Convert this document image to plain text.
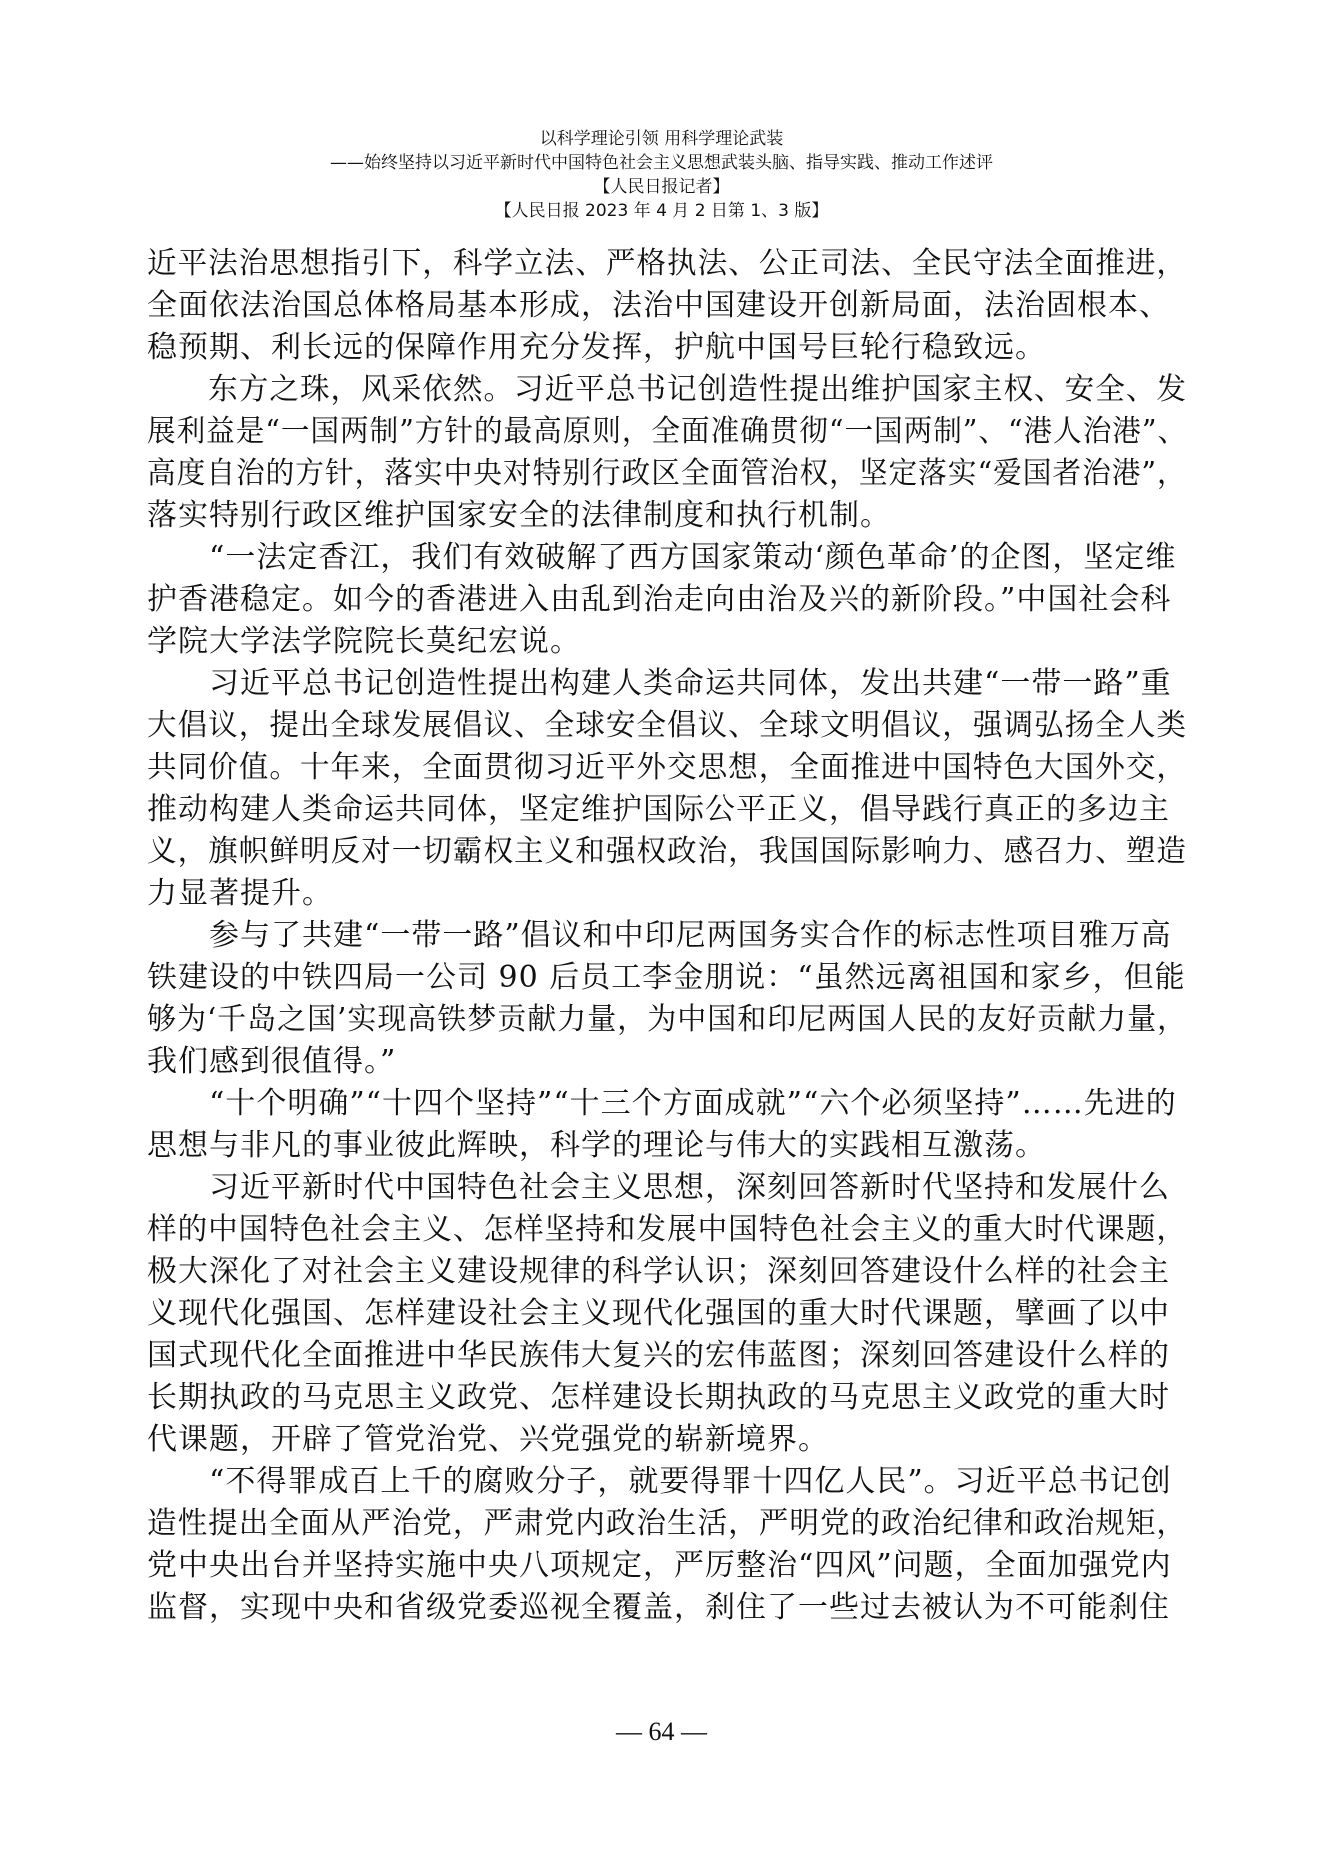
以科学理论引领 用科学理论武装
——始终坚持以习近平新时代中国特色社会主义思想武装头脑、指导实践、推动工作述评
【人民日报记者】
【人民日报 2023 年 4 月 2 日第 1、3 版】
近平法治思想指引下，科学立法、严格执法、公正司法、全民守法全面推进，
全面依法治国总体格局基本形成，法治中国建设开创新局面，法治固根本、
稳预期、利长远的保障作用充分发挥，护航中国号巨轮行稳致远。
　　东方之珠，风采依然。习近平总书记创造性提出维护国家主权、安全、发
展利益是“一国两制”方针的最高原则，全面准确贯彻“一国两制”、“港人治港”、
高度自治的方针，落实中央对特别行政区全面管治权，坚定落实“爱国者治港”，
落实特别行政区维护国家安全的法律制度和执行机制。
　　“一法定香江，我们有效破解了西方国家策动‘颜色革命’的企图，坚定维
护香港稳定。如今的香港进入由乱到治走向由治及兴的新阶段。”中国社会科
学院大学法学院院长莫纪宏说。
　　习近平总书记创造性提出构建人类命运共同体，发出共建“一带一路”重
大倡议，提出全球发展倡议、全球安全倡议、全球文明倡议，强调弘扬全人类
共同价值。十年来，全面贯彻习近平外交思想，全面推进中国特色大国外交，
推动构建人类命运共同体，坚定维护国际公平正义，倡导践行真正的多边主
义，旗帜鲜明反对一切霸权主义和强权政治，我国国际影响力、感召力、塑造
力显著提升。
　　参与了共建“一带一路”倡议和中印尼两国务实合作的标志性项目雅万高
铁建设的中铁四局一公司 90 后员工李金朋说：“虽然远离祖国和家乡，但能
够为‘千岛之国’实现高铁梦贡献力量，为中国和印尼两国人民的友好贡献力量，
我们感到很值得。”
　　“十个明确”“十四个坚持”“十三个方面成就”“六个必须坚持”……先进的
思想与非凡的事业彼此辉映，科学的理论与伟大的实践相互激荡。
　　习近平新时代中国特色社会主义思想，深刻回答新时代坚持和发展什么
样的中国特色社会主义、怎样坚持和发展中国特色社会主义的重大时代课题，
极大深化了对社会主义建设规律的科学认识；深刻回答建设什么样的社会主
义现代化强国、怎样建设社会主义现代化强国的重大时代课题，擘画了以中
国式现代化全面推进中华民族伟大复兴的宏伟蓝图；深刻回答建设什么样的
长期执政的马克思主义政党、怎样建设长期执政的马克思主义政党的重大时
代课题，开辟了管党治党、兴党强党的崭新境界。
　　“不得罪成百上千的腐败分子，就要得罪十四亿人民”。习近平总书记创
造性提出全面从严治党，严肃党内政治生活，严明党的政治纪律和政治规矩，
党中央出台并坚持实施中央八项规定，严厉整治“四风”问题，全面加强党内
监督，实现中央和省级党委巡视全覆盖，刹住了一些过去被认为不可能刹住
— 64 —
